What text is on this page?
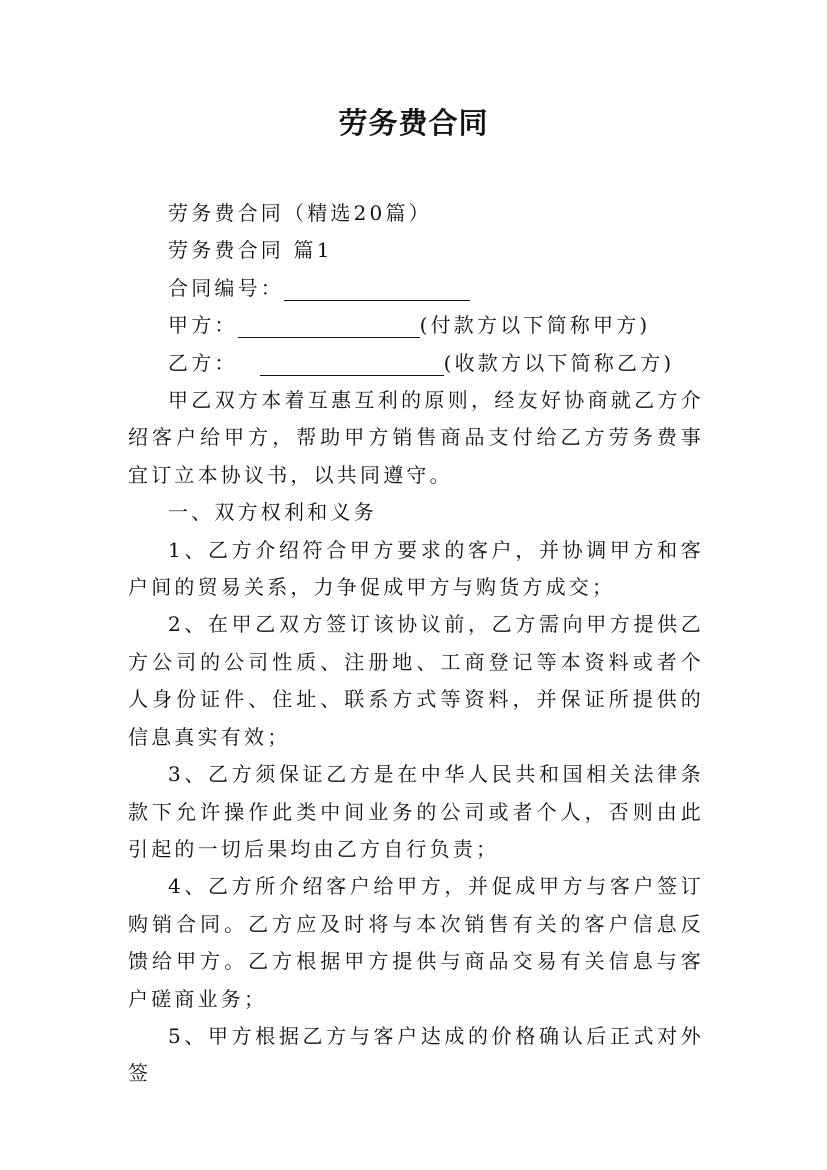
劳务费合同

劳务费合同（精选20篇）

劳务费合同 篇1

合同编号：

甲方：	(付款方以下简称甲方)

乙方：	(收款方以下简称乙方)

甲乙双方本着互惠互利的原则，经友好协商就乙方介绍客户给甲方，帮助甲方销售商品支付给乙方劳务费事宜订立本协议书，以共同遵守。

一、双方权利和义务

1、乙方介绍符合甲方要求的客户，并协调甲方和客户间的贸易关系，力争促成甲方与购货方成交；

2、在甲乙双方签订该协议前，乙方需向甲方提供乙方公司的公司性质、注册地、工商登记等本资料或者个人身份证件、住址、联系方式等资料，并保证所提供的信息真实有效；

3、乙方须保证乙方是在中华人民共和国相关法律条款下允许操作此类中间业务的公司或者个人，否则由此引起的一切后果均由乙方自行负责；

4、乙方所介绍客户给甲方，并促成甲方与客户签订购销合同。乙方应及时将与本次销售有关的客户信息反馈给甲方。乙方根据甲方提供与商品交易有关信息与客户磋商业务；

5、甲方根据乙方与客户达成的价格确认后正式对外签
